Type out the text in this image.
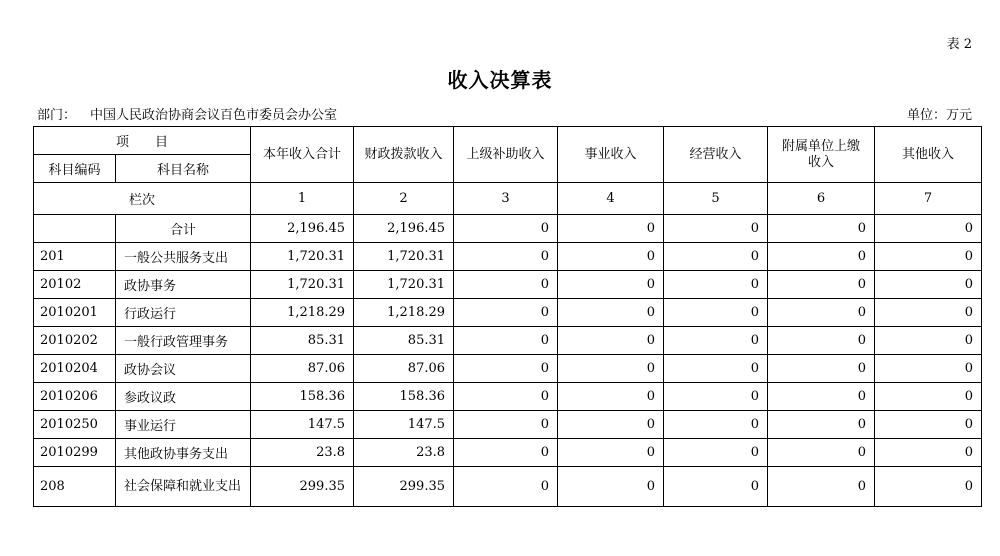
表 2
收入决算表
部门： 中国人民政治协商会议百色市委员会办公室	单位：万元
项　　目		本年收入合计	财政拨款收入	上级补助收入	事业收入	经营收入	附属单位上缴收入	其他收入
科目编码	科目名称							
栏次		1	2	3	4	5	6	7
	合计	2,196.45	2,196.45	0	0	0	0	0
201	一般公共服务支出	1,720.31	1,720.31	0	0	0	0	0
20102	政协事务	1,720.31	1,720.31	0	0	0	0	0
2010201	行政运行	1,218.29	1,218.29	0	0	0	0	0
2010202	一般行政管理事务	85.31	85.31	0	0	0	0	0
2010204	政协会议	87.06	87.06	0	0	0	0	0
2010206	参政议政	158.36	158.36	0	0	0	0	0
2010250	事业运行	147.5	147.5	0	0	0	0	0
2010299	其他政协事务支出	23.8	23.8	0	0	0	0	0
208	社会保障和就业支出	299.35	299.35	0	0	0	0	0
